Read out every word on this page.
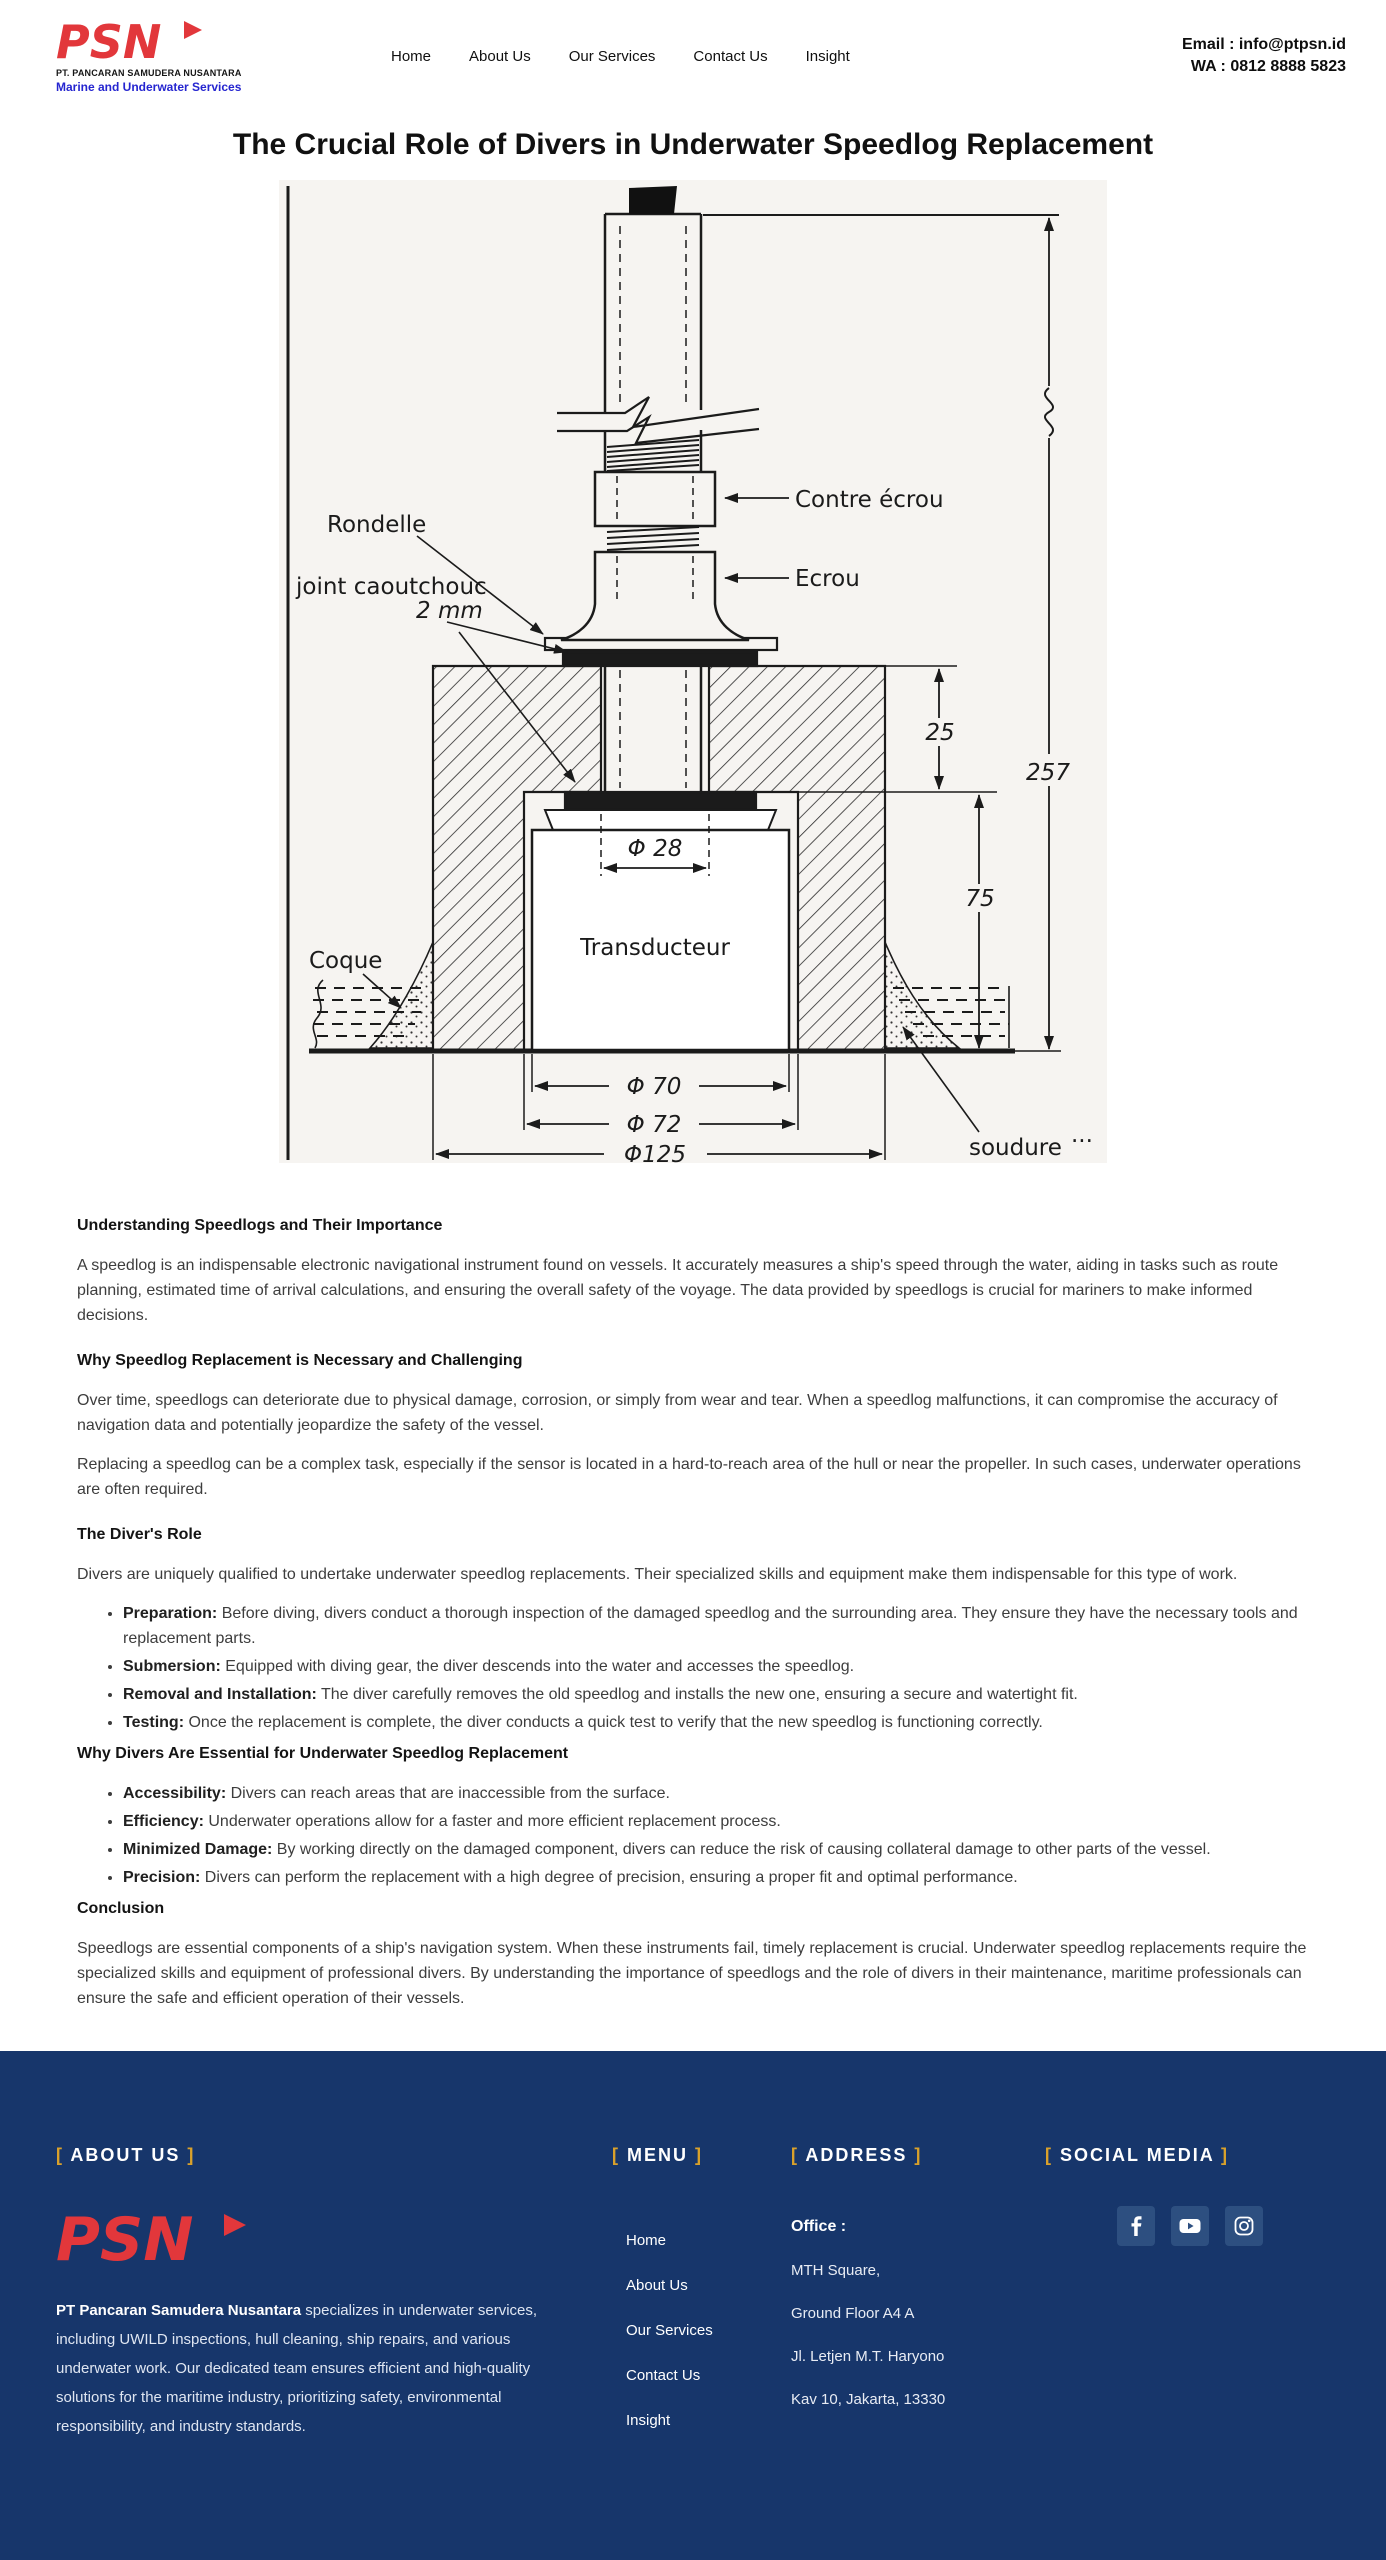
PSN
PT. PANCARAN SAMUDERA NUSANTARA
Marine and Underwater Services
Home	About Us	Our Services	Contact Us	Insight
Email : info@ptpsn.id
WA : 0812 8888 5823
The Crucial Role of Divers in Underwater Speedlog Replacement
Rondelle
joint caoutchouc
2 mm
Contre écrou
Ecrou
Coque	Transducteur
soudure ...
25
257
75
Φ 28
Φ 70
Φ 72
Φ125
Understanding Speedlogs and Their Importance

A speedlog is an indispensable electronic navigational instrument found on vessels. It accurately measures a ship's speed through the water, aiding in tasks such as route planning, estimated time of arrival calculations, and ensuring the overall safety of the voyage. The data provided by speedlogs is crucial for mariners to make informed decisions.

Why Speedlog Replacement is Necessary and Challenging

Over time, speedlogs can deteriorate due to physical damage, corrosion, or simply from wear and tear. When a speedlog malfunctions, it can compromise the accuracy of navigation data and potentially jeopardize the safety of the vessel.

Replacing a speedlog can be a complex task, especially if the sensor is located in a hard-to-reach area of the hull or near the propeller. In such cases, underwater operations are often required.

The Diver's Role

Divers are uniquely qualified to undertake underwater speedlog replacements. Their specialized skills and equipment make them indispensable for this type of work.

• Preparation: Before diving, divers conduct a thorough inspection of the damaged speedlog and the surrounding area. They ensure they have the necessary tools and replacement parts.
• Submersion: Equipped with diving gear, the diver descends into the water and accesses the speedlog.
• Removal and Installation: The diver carefully removes the old speedlog and installs the new one, ensuring a secure and watertight fit.
• Testing: Once the replacement is complete, the diver conducts a quick test to verify that the new speedlog is functioning correctly.
Why Divers Are Essential for Underwater Speedlog Replacement
• Accessibility: Divers can reach areas that are inaccessible from the surface.
• Efficiency: Underwater operations allow for a faster and more efficient replacement process.
• Minimized Damage: By working directly on the damaged component, divers can reduce the risk of causing collateral damage to other parts of the vessel.
• Precision: Divers can perform the replacement with a high degree of precision, ensuring a proper fit and optimal performance.
Conclusion

Speedlogs are essential components of a ship's navigation system. When these instruments fail, timely replacement is crucial. Underwater speedlog replacements require the specialized skills and equipment of professional divers. By understanding the importance of speedlogs and the role of divers in their maintenance, maritime professionals can ensure the safe and efficient operation of their vessels.

[ ABOUT US ]
PSN

PT Pancaran Samudera Nusantara specializes in underwater services, including UWILD inspections, hull cleaning, ship repairs, and various underwater work. Our dedicated team ensures efficient and high-quality solutions for the maritime industry, prioritizing safety, environmental responsibility, and industry standards.

[ MENU ]
Home
About Us
Our Services
Contact Us
Insight
[ ADDRESS ]
Office :
MTH Square,
Ground Floor A4 A
Jl. Letjen M.T. Haryono
Kav 10, Jakarta, 13330
[ SOCIAL MEDIA ]
